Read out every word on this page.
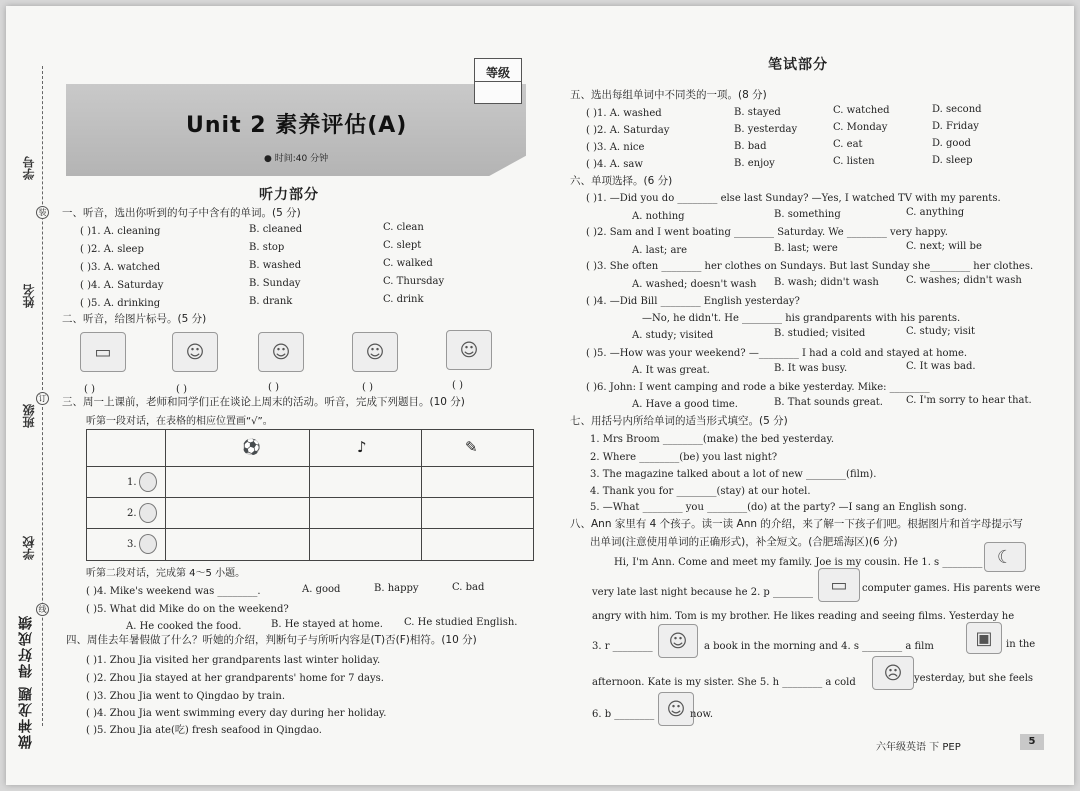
学号
装
姓名
订
班级
学校
线
做神龙题 得好成绩
Unit 2 素养评估(A)
● 时间:40 分钟
等级
听力部分
一、听音，选出你听到的句子中含有的单词。(5 分)
( )1. A. cleaning	B. cleaned	C. clean
( )2. A. sleep	B. stop	C. slept
( )3. A. watched	B. washed	C. walked
( )4. A. Saturday	B. Sunday	C. Thursday
( )5. A. drinking	B. drank	C. drink
二、听音，给图片标号。(5 分)
▭	☺	☺	☺	☺
( )	( )	( )	( )	( )
三、周一上课前，老师和同学们正在谈论上周末的活动。听音，完成下列题目。(10 分)
听第一段对话，在表格的相应位置画“√”。
⚽	♪	✎
1.
2.
3.
听第二段对话，完成第 4～5 小题。
( )4. Mike's weekend was ________.	A. good	B. happy	C. bad
( )5. What did Mike do on the weekend?
A. He cooked the food.	B. He stayed at home. C. He studied English.
四、周佳去年暑假做了什么？听她的介绍，判断句子与所听内容是(T)否(F)相符。(10 分)
( )1. Zhou Jia visited her grandparents last winter holiday.
( )2. Zhou Jia stayed at her grandparents' home for 7 days.
( )3. Zhou Jia went to Qingdao by train.
( )4. Zhou Jia went swimming every day during her holiday.
( )5. Zhou Jia ate(吃) fresh seafood in Qingdao.
笔试部分
五、选出每组单词中不同类的一项。(8 分)
( )1. A. washed	B. stayed	C. watched	D. second
( )2. A. Saturday	B. yesterday	C. Monday	D. Friday
( )3. A. nice	B. bad	C. eat	D. good
( )4. A. saw	B. enjoy	C. listen	D. sleep
六、单项选择。(6 分)
( )1. —Did you do ________ else last Sunday? —Yes, I watched TV with my parents.
A. nothing	B. something	C. anything
( )2. Sam and I went boating ________ Saturday. We ________ very happy.
A. last; are	B. last; were	C. next; will be
( )3. She often ________ her clothes on Sundays. But last Sunday she________ her clothes.
A. washed; doesn't wash B. wash; didn't wash	C. washes; didn't wash
( )4. —Did Bill ________ English yesterday?
—No, he didn't. He ________ his grandparents with his parents.
A. study; visited	B. studied; visited	C. study; visit
( )5. —How was your weekend? —________ I had a cold and stayed at home.
A. It was great.	B. It was busy.	C. It was bad.
( )6. John: I went camping and rode a bike yesterday. Mike: ________
A. Have a good time.	B. That sounds great. C. I'm sorry to hear that.
七、用括号内所给单词的适当形式填空。(5 分)
1. Mrs Broom ________(make) the bed yesterday.
2. Where ________(be) you last night?
3. The magazine talked about a lot of new ________(film).
4. Thank you for ________(stay) at our hotel.
5. —What ________ you ________(do) at the party? —I sang an English song.
八、Ann 家里有 4 个孩子。读一读 Ann 的介绍，来了解一下孩子们吧。根据图片和首字母提示写
出单词(注意使用单词的正确形式)，补全短文。(合肥瑶海区)(6 分)
Hi, I'm Ann. Come and meet my family. Joe is my cousin. He 1. s ________ ☾
very late last night because he 2. p ________ ▭ computer games. His parents were
angry with him. Tom is my brother. He likes reading and seeing films. Yesterday he
3. r ________ ☺ a book in the morning and 4. s ________ a film ▣ in the
afternoon. Kate is my sister. She 5. h ________ a cold ☹ yesterday, but she feels
6. b ________ ☺ now.
六年级英语 下 PEP
5
